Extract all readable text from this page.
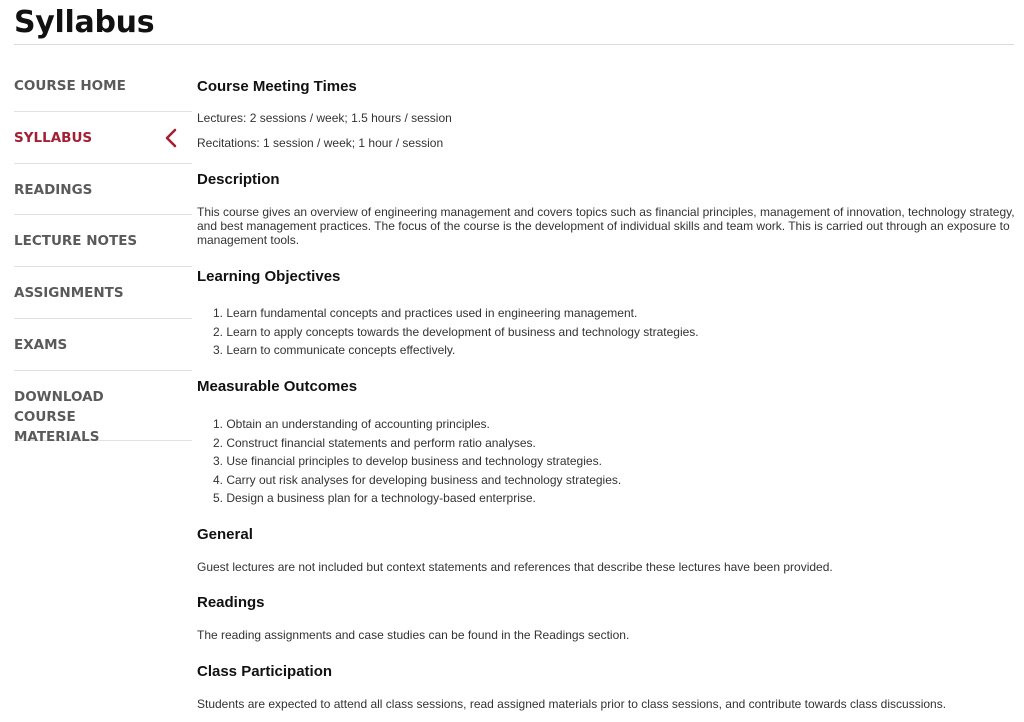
Syllabus
COURSE HOME
SYLLABUS
READINGS
LECTURE NOTES
ASSIGNMENTS
EXAMS
DOWNLOAD COURSE MATERIALS
Course Meeting Times

Lectures: 2 sessions / week; 1.5 hours / session

Recitations: 1 session / week; 1 hour / session

Description

This course gives an overview of engineering management and covers topics such as financial principles, management of innovation, technology strategy, and best management practices. The focus of the course is the development of individual skills and team work. This is carried out through an exposure to management tools.

Learning Objectives
1. Learn fundamental concepts and practices used in engineering management.
2. Learn to apply concepts towards the development of business and technology strategies.
3. Learn to communicate concepts effectively.
Measurable Outcomes
1. Obtain an understanding of accounting principles.
2. Construct financial statements and perform ratio analyses.
3. Use financial principles to develop business and technology strategies.
4. Carry out risk analyses for developing business and technology strategies.
5. Design a business plan for a technology-based enterprise.
General

Guest lectures are not included but context statements and references that describe these lectures have been provided.

Readings

The reading assignments and case studies can be found in the Readings section.

Class Participation

Students are expected to attend all class sessions, read assigned materials prior to class sessions, and contribute towards class discussions.
